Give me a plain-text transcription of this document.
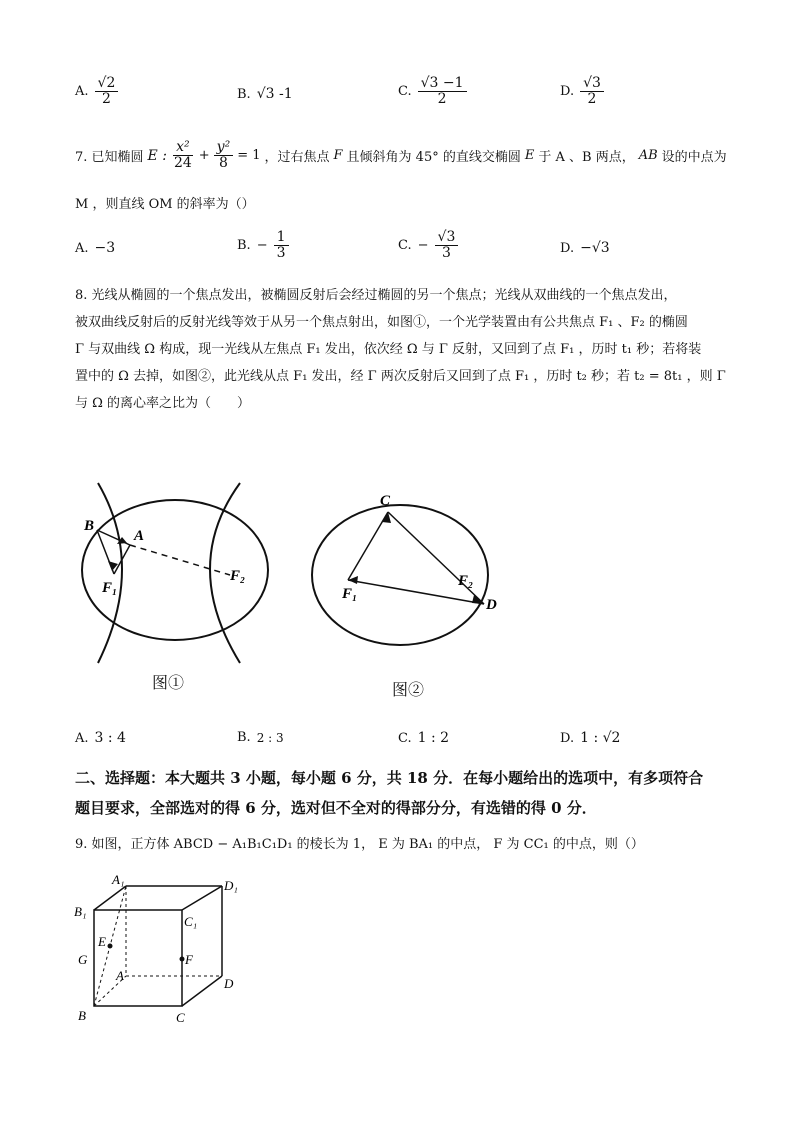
A. $\frac{√2}{2}$	B. √3 -1	C. $\frac{√3 -1}{2}$	D. $\frac{√3}{2}$
7. 已知椭圆 E : $\frac{\text{x²}}{24} + \frac{\text{y²}}{8} = 1$ ，过右焦点 F 且倾斜角为 45° 的直线交椭圆 E 于 A 、B 两点， AB 设的中点为
M ，则直线 OM 的斜率为（）
A. −3	B. − $\frac{1}{3}$	C. − $\frac{√3}{3}$	D. −√3
8. 光线从椭圆的一个焦点发出，被椭圆反射后会经过椭圆的另一个焦点；光线从双曲线的一个焦点发出，
被双曲线反射后的反射光线等效于从另一个焦点射出，如图①，一个光学装置由有公共焦点 F₁ 、F₂ 的椭圆
Γ 与双曲线 Ω 构成，现一光线从左焦点 F₁ 发出，依次经 Ω 与 Γ 反射，又回到了点 F₁ ，历时 t₁ 秒；若将装
置中的 Ω 去掉，如图②，此光线从点 F₁ 发出，经 Γ 两次反射后又回到了点 F₁ ，历时 t₂ 秒；若 t₂ = 8t₁ ，则 Γ
与 Ω 的离心率之比为（　　）
B
A
F₁
F₂
图①
C
F₁
F₂
D
图②
A. 3 : 4	B. 2 : 3	C. 1 : 2	D. 1 : √2
二、选择题：本大题共 3 小题，每小题 6 分，共 18 分．在每小题给出的选项中，有多项符合
题目要求，全部选对的得 6 分，选对但不全对的得部分分，有选错的得 0 分．
9. 如图，正方体 ABCD − A₁B₁C₁D₁ 的棱长为 1， E 为 BA₁ 的中点， F 为 CC₁ 的中点，则（）
A₁	D₁
B₁
C₁
E
G
A
F
D
B	C
